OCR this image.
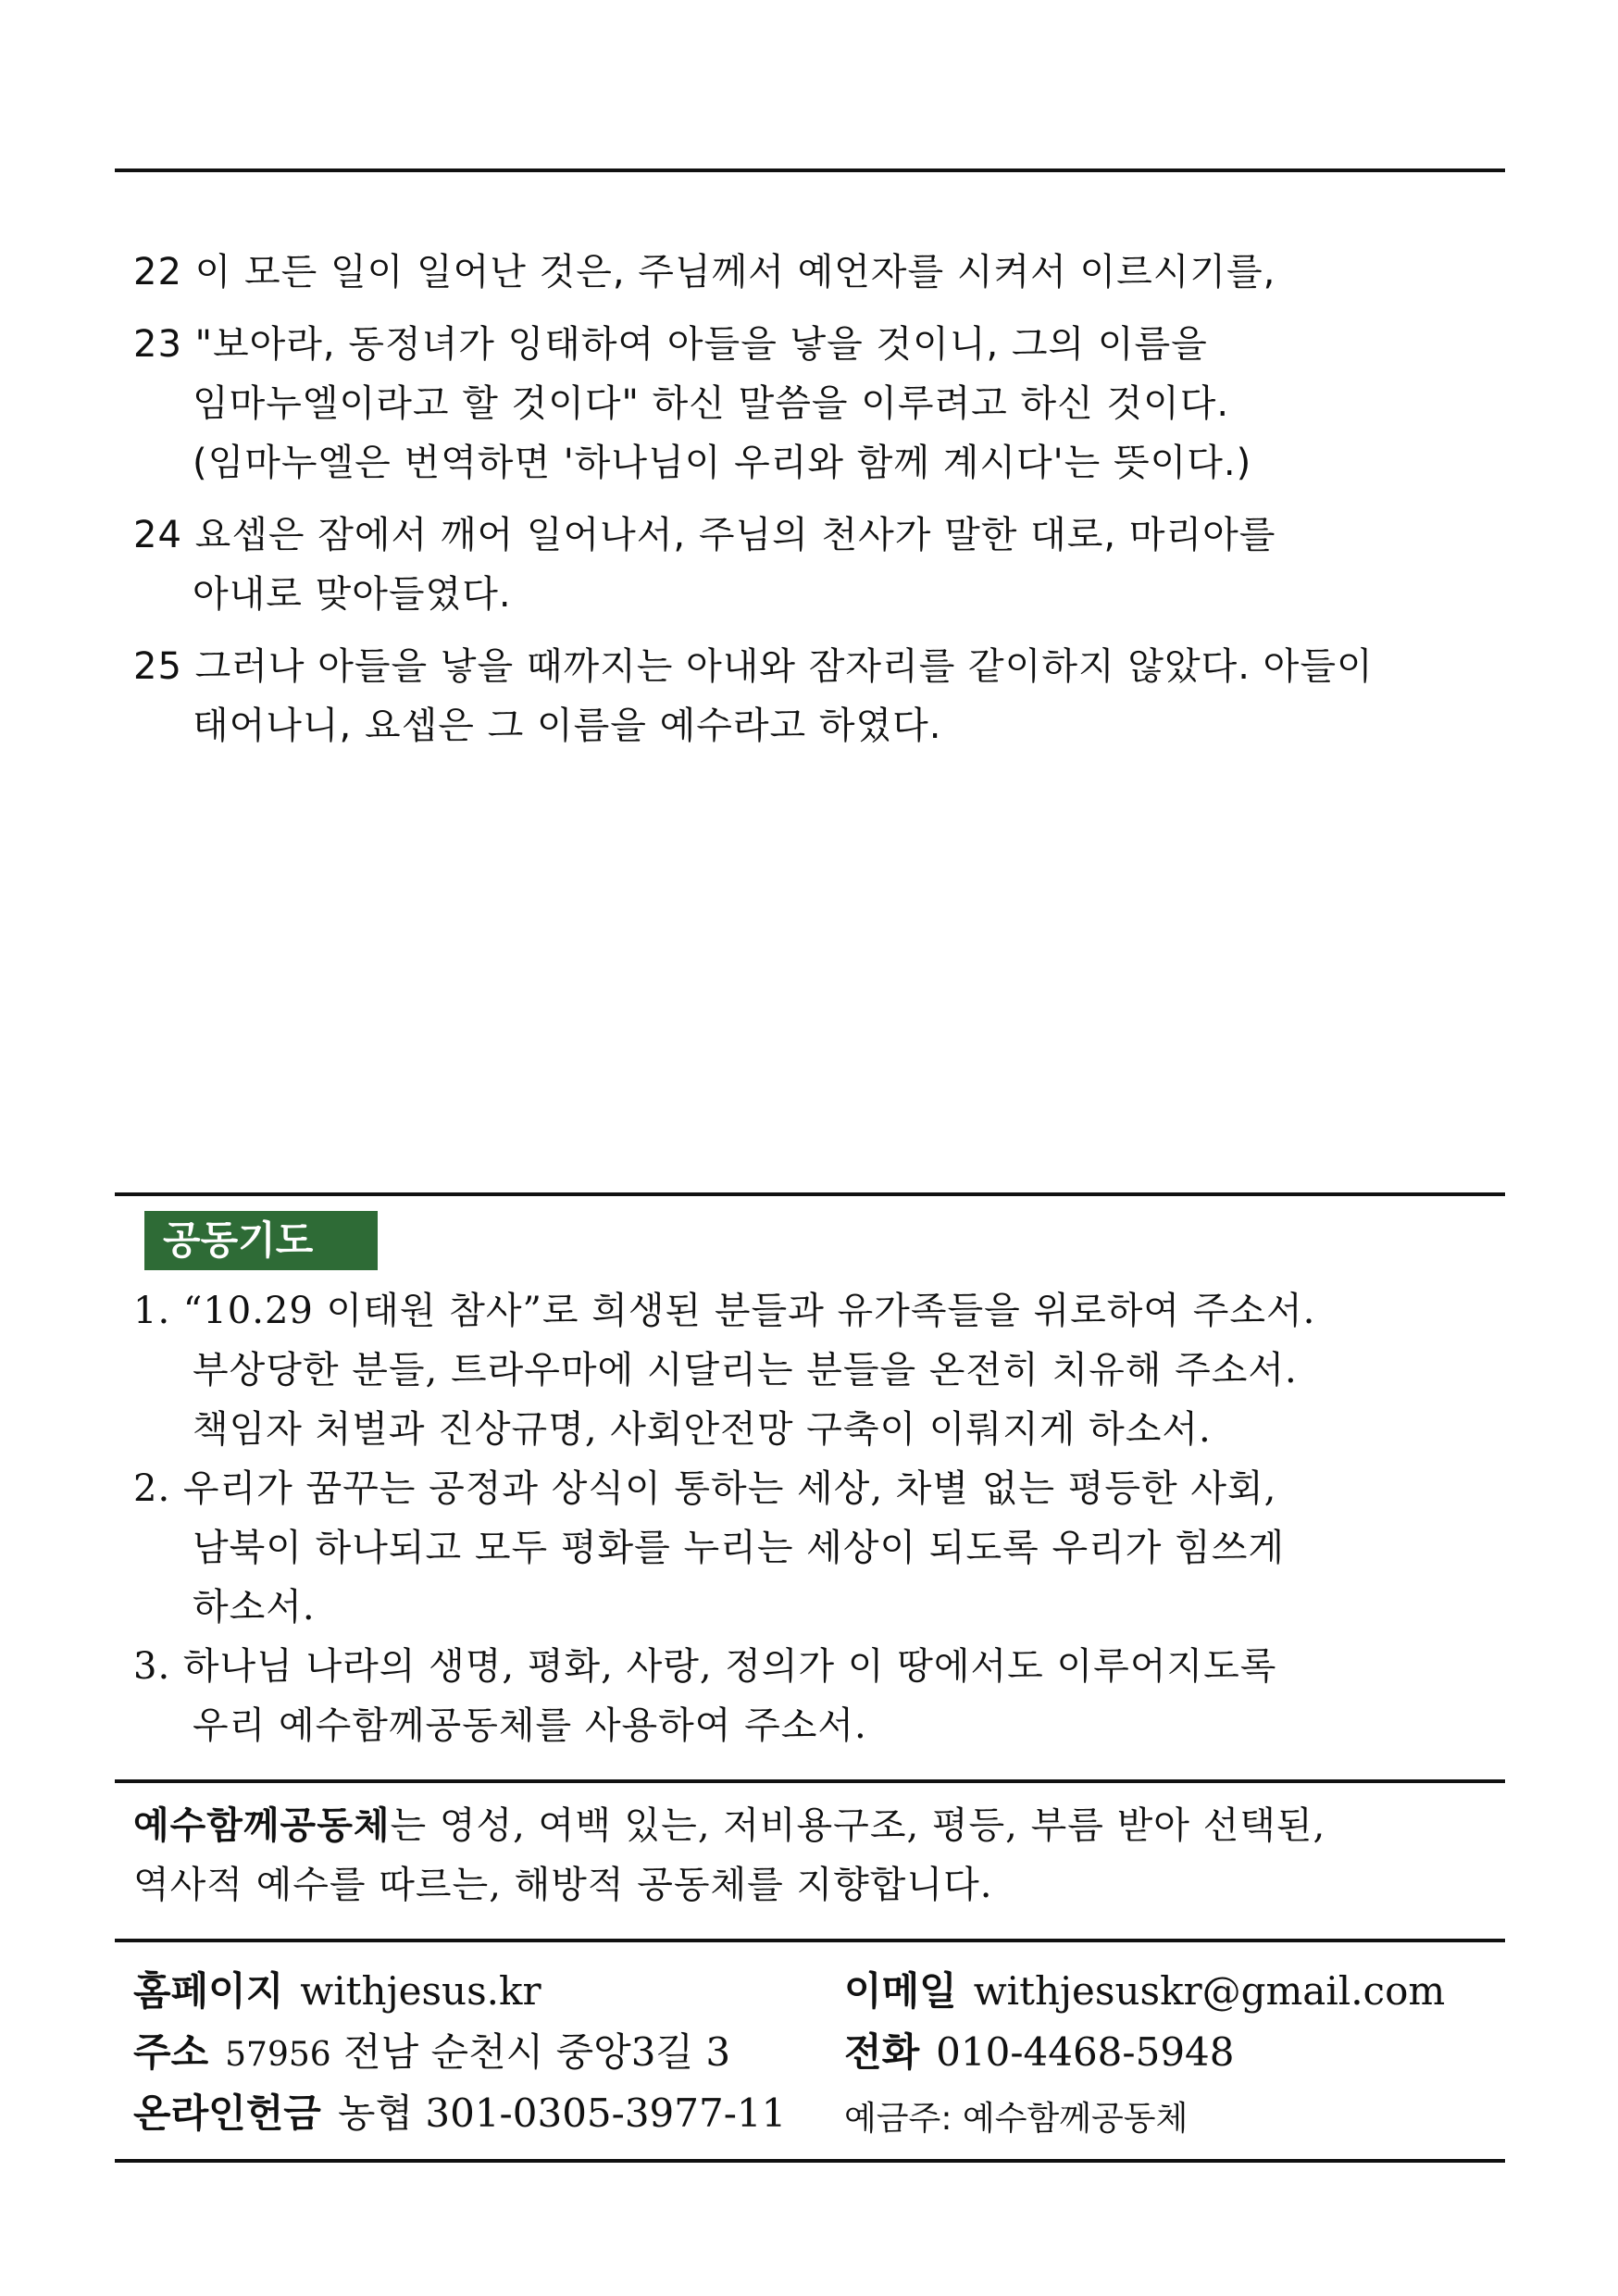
22 이 모든 일이 일어난 것은, 주님께서 예언자를 시켜서 이르시기를,
23 "보아라, 동정녀가 잉태하여 아들을 낳을 것이니, 그의 이름을
임마누엘이라고 할 것이다" 하신 말씀을 이루려고 하신 것이다.
(임마누엘은 번역하면 '하나님이 우리와 함께 계시다'는 뜻이다.)
24 요셉은 잠에서 깨어 일어나서, 주님의 천사가 말한 대로, 마리아를
아내로 맞아들였다.
25 그러나 아들을 낳을 때까지는 아내와 잠자리를 같이하지 않았다. 아들이
태어나니, 요셉은 그 이름을 예수라고 하였다.
공동기도
1. “10.29 이태원 참사”로 희생된 분들과 유가족들을 위로하여 주소서.
부상당한 분들, 트라우마에 시달리는 분들을 온전히 치유해 주소서.
책임자 처벌과 진상규명, 사회안전망 구축이 이뤄지게 하소서.
2. 우리가 꿈꾸는 공정과 상식이 통하는 세상, 차별 없는 평등한 사회,
남북이 하나되고 모두 평화를 누리는 세상이 되도록 우리가 힘쓰게
하소서.
3. 하나님 나라의 생명, 평화, 사랑, 정의가 이 땅에서도 이루어지도록
우리 예수함께공동체를 사용하여 주소서.
예수함께공동체는 영성, 여백 있는, 저비용구조, 평등, 부름 받아 선택된,
역사적 예수를 따르는, 해방적 공동체를 지향합니다.
홈페이지 withjesus.kr	이메일 withjesuskr@gmail.com
주소 57956 전남 순천시 중앙3길 3	전화 010-4468-5948
온라인헌금 농협 301-0305-3977-11 예금주: 예수함께공동체
